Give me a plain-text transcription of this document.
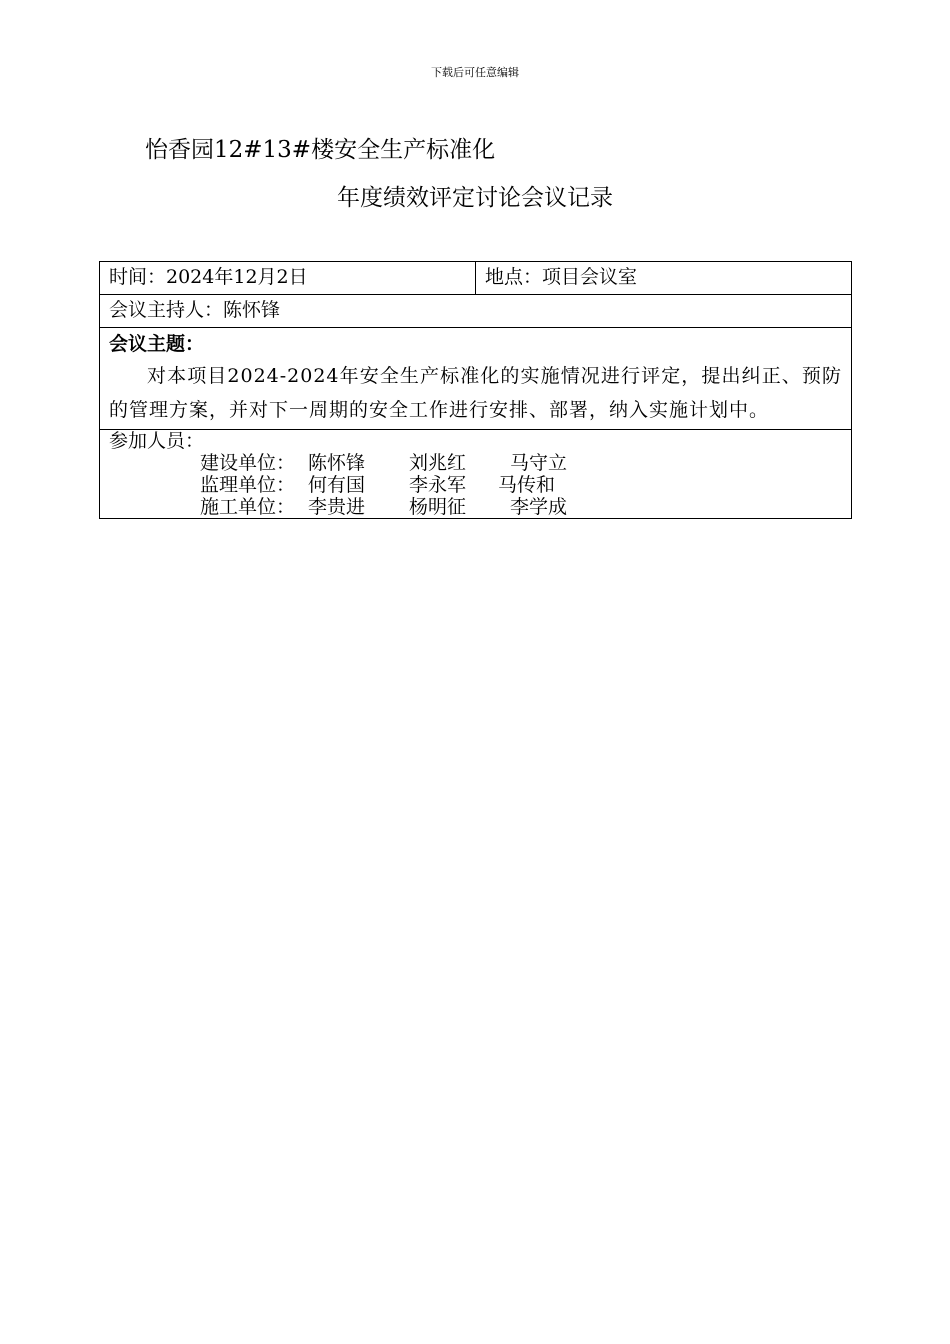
下载后可任意编辑
怡香园12#13#楼安全生产标准化
年度绩效评定讨论会议记录
时间：2024年12月2日	地点：项目会议室
会议主持人：陈怀锋

会议主题：
对本项目2024-2024年安全生产标准化的实施情况进行评定，提出纠正、预防的管理方案，并对下一周期的安全工作进行安排、部署，纳入实施计划中。

参加人员：
建设单位： 陈怀锋 刘兆红 马守立
监理单位： 何有国 李永军 马传和
施工单位： 李贵进 杨明征 李学成
